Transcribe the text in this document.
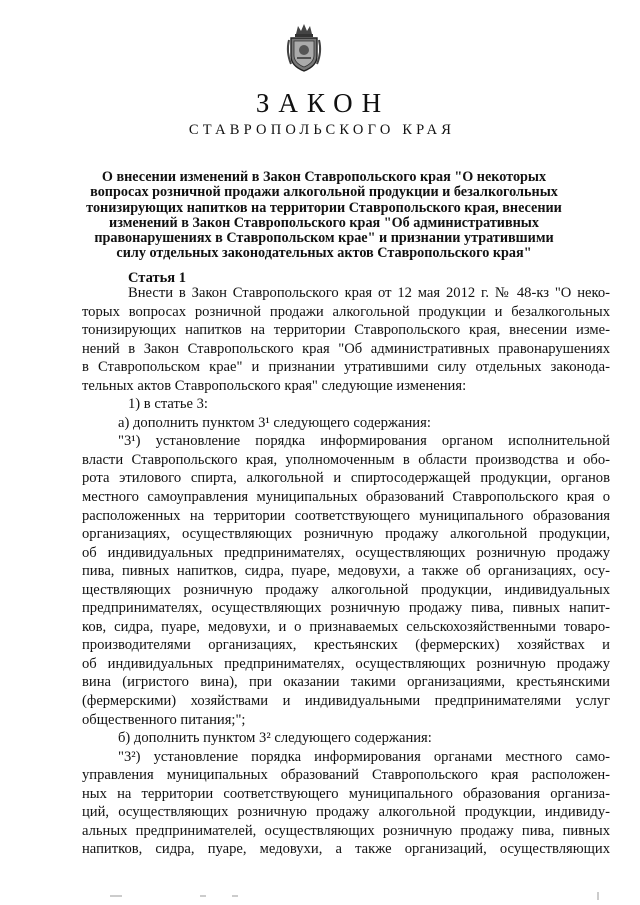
ЗАКОН
СТАВРОПОЛЬСКОГО КРАЯ
О внесении изменений в Закон Ставропольского края "О некоторых
вопросах розничной продажи алкогольной продукции и безалкогольных
тонизирующих напитков на территории Ставропольского края, внесении
изменений в Закон Ставропольского края "Об административных
правонарушениях в Ставропольском крае" и признании утратившими
силу отдельных законодательных актов Ставропольского края"
Статья 1
Внести в Закон Ставропольского края от 12 мая 2012 г. № 48-кз "О неко-
торых вопросах розничной продажи алкогольной продукции и безалкогольных
тонизирующих напитков на территории Ставропольского края, внесении изме-
нений в Закон Ставропольского края "Об административных правонарушениях
в Ставропольском крае" и признании утратившими силу отдельных законода-
тельных актов Ставропольского края" следующие изменения:
1) в статье 3:
а) дополнить пунктом 3¹ следующего содержания:
"3¹) установление порядка информирования органом исполнительной
власти Ставропольского края, уполномоченным в области производства и обо-
рота этилового спирта, алкогольной и спиртосодержащей продукции, органов
местного самоуправления муниципальных образований Ставропольского края о
расположенных на территории соответствующего муниципального образования
организациях, осуществляющих розничную продажу алкогольной продукции,
об индивидуальных предпринимателях, осуществляющих розничную продажу
пива, пивных напитков, сидра, пуаре, медовухи, а также об организациях, осу-
ществляющих розничную продажу алкогольной продукции, индивидуальных
предпринимателях, осуществляющих розничную продажу пива, пивных напит-
ков, сидра, пуаре, медовухи, и о признаваемых сельскохозяйственными товаро-
производителями организациях, крестьянских (фермерских) хозяйствах и
об индивидуальных предпринимателях, осуществляющих розничную продажу
вина (игристого вина), при оказании такими организациями, крестьянскими
(фермерскими) хозяйствами и индивидуальными предпринимателями услуг
общественного питания;";
б) дополнить пунктом 3² следующего содержания:
"3²) установление порядка информирования органами местного само-
управления муниципальных образований Ставропольского края расположен-
ных на территории соответствующего муниципального образования организа-
ций, осуществляющих розничную продажу алкогольной продукции, индивиду-
альных предпринимателей, осуществляющих розничную продажу пива, пивных
напитков, сидра, пуаре, медовухи, а также организаций, осуществляющих
